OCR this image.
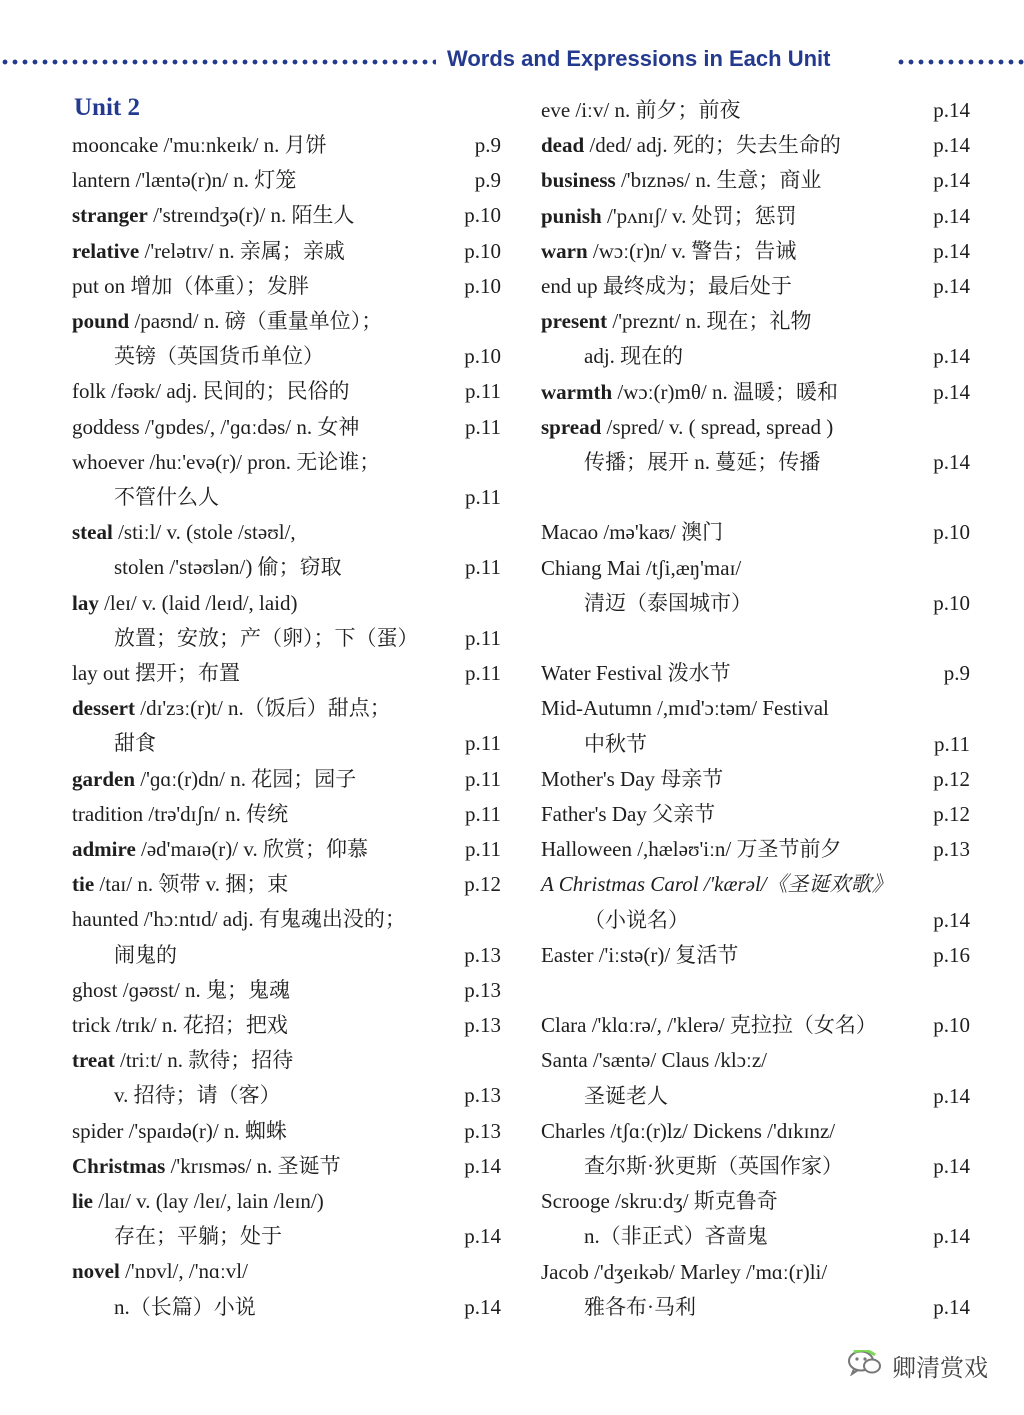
Words and Expressions in Each Unit
Unit 2
mooncake /'muːnkeɪk/ n. 月饼	p.9
lantern /'læntə(r)n/ n. 灯笼	p.9
stranger /'streɪndʒə(r)/ n. 陌生人	p.10
relative /'relətɪv/ n. 亲属；亲戚	p.10
put on 增加（体重）；发胖	p.10
pound /paʊnd/ n. 磅（重量单位）；
英镑（英国货币单位）	p.10
folk /fəʊk/ adj. 民间的；民俗的	p.11
goddess /'ɡɒdes/, /'ɡɑːdəs/ n. 女神	p.11
whoever /huː'evə(r)/ pron. 无论谁；
不管什么人	p.11
steal /stiːl/ v. (stole /stəʊl/,
stolen /'stəʊlən/) 偷；窃取	p.11
lay /leɪ/ v. (laid /leɪd/, laid)
放置；安放；产（卵）；下（蛋） p.11
lay out 摆开；布置	p.11
dessert /dɪ'zɜː(r)t/ n.（饭后）甜点；
甜食	p.11
garden /'ɡɑː(r)dn/ n. 花园；园子	p.11
tradition /trə'dɪʃn/ n. 传统	p.11
admire /əd'maɪə(r)/ v. 欣赏；仰慕	p.11
tie /taɪ/ n. 领带 v. 捆；束	p.12
haunted /'hɔːntɪd/ adj. 有鬼魂出没的；
闹鬼的	p.13
ghost /ɡəʊst/ n. 鬼；鬼魂	p.13
trick /trɪk/ n. 花招；把戏	p.13
treat /triːt/ n. 款待；招待
v. 招待；请（客）	p.13
spider /'spaɪdə(r)/ n. 蜘蛛	p.13
Christmas /'krɪsməs/ n. 圣诞节	p.14
lie /laɪ/ v. (lay /leɪ/, lain /leɪn/)
存在；平躺；处于	p.14
novel /'nɒvl/, /'nɑːvl/
n.（长篇）小说	p.14
eve /iːv/ n. 前夕；前夜	p.14
dead /ded/ adj. 死的；失去生命的	p.14
business /'bɪznəs/ n. 生意；商业	p.14
punish /'pʌnɪʃ/ v. 处罚；惩罚	p.14
warn /wɔː(r)n/ v. 警告；告诫	p.14
end up 最终成为；最后处于	p.14
present /'preznt/ n. 现在；礼物
adj. 现在的	p.14
warmth /wɔː(r)mθ/ n. 温暖；暖和	p.14
spread /spred/ v. ( spread, spread )
传播；展开 n. 蔓延；传播	p.14
Macao /mə'kaʊ/ 澳门	p.10
Chiang Mai /tʃi,æŋ'maɪ/
清迈（泰国城市）	p.10
Water Festival 泼水节	p.9
Mid-Autumn /,mɪd'ɔːtəm/ Festival
中秋节	p.11
Mother's Day 母亲节	p.12
Father's Day 父亲节	p.12
Halloween /,hæləʊ'iːn/ 万圣节前夕	p.13
A Christmas Carol /'kærəl/《圣诞欢歌》
（小说名）	p.14
Easter /'iːstə(r)/ 复活节	p.16
Clara /'klɑːrə/, /'klerə/ 克拉拉（女名）	p.10
Santa /'sæntə/ Claus /klɔːz/
圣诞老人	p.14
Charles /tʃɑː(r)lz/ Dickens /'dɪkɪnz/
查尔斯·狄更斯（英国作家）	p.14
Scrooge /skruːdʒ/ 斯克鲁奇
n.（非正式）吝啬鬼	p.14
Jacob /'dʒeɪkəb/ Marley /'mɑː(r)li/
雅各布·马利	p.14
卿清赏戏
